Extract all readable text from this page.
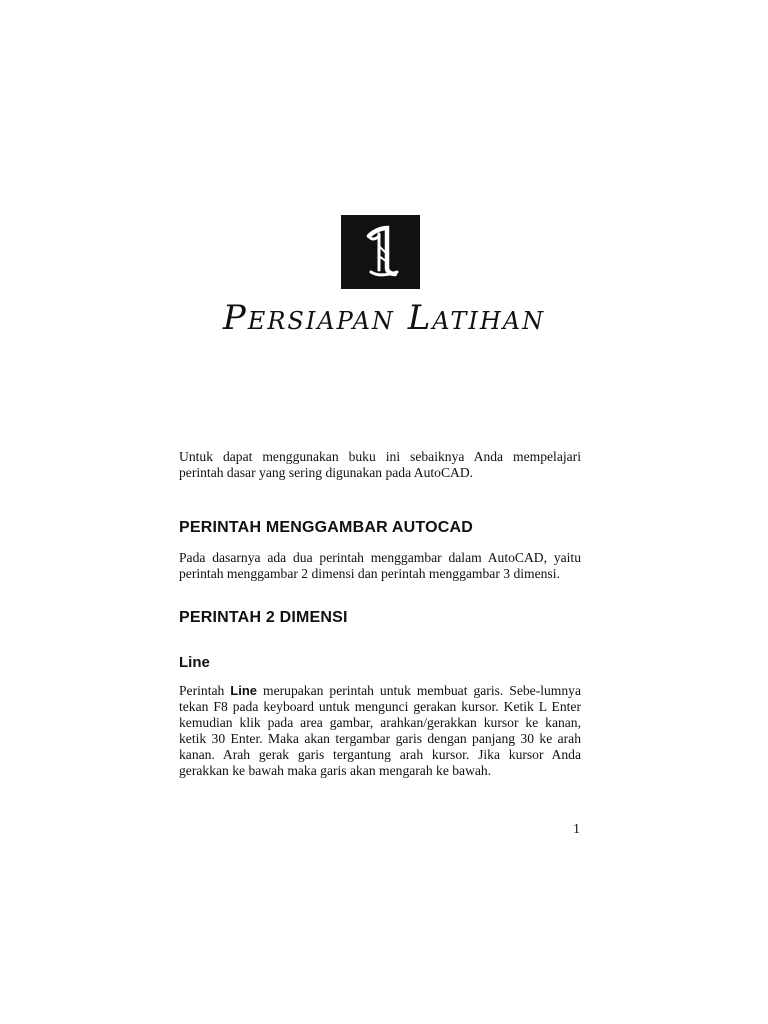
Persiapan Latihan

Untuk dapat menggunakan buku ini sebaiknya Anda mempelajari perintah dasar yang sering digunakan pada AutoCAD.

PERINTAH MENGGAMBAR AUTOCAD

Pada dasarnya ada dua perintah menggambar dalam AutoCAD, yaitu perintah menggambar 2 dimensi dan perintah menggambar 3 dimensi.

PERINTAH 2 DIMENSI
Line

Perintah Line merupakan perintah untuk membuat garis. Sebe-lumnya tekan F8 pada keyboard untuk mengunci gerakan kursor. Ketik L Enter kemudian klik pada area gambar, arahkan/gerakkan kursor ke kanan, ketik 30 Enter. Maka akan tergambar garis dengan panjang 30 ke arah kanan. Arah gerak garis tergantung arah kursor. Jika kursor Anda gerakkan ke bawah maka garis akan mengarah ke bawah.

1
